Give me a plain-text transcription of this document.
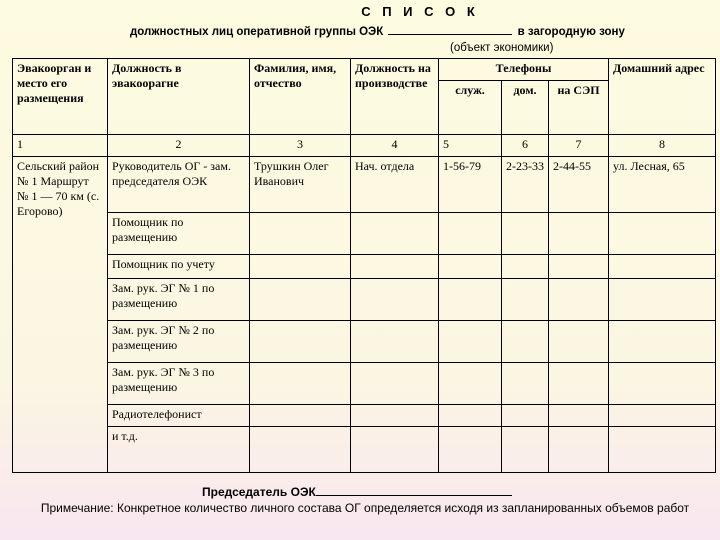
С П И С О К
должностных лиц оперативной группы ОЭК	в загородную зону
(объект экономики)
Эвакоорган и место его размещения	Должность в эвакоорагне	Фамилия, имя, отчество	Должность на производстве	Телефоны			Домашний адрес
				служ.	дом.	на СЭП	
1	2	3	4	5	6	7	8
Сельский район № 1 Маршрут № 1 — 70 км (с. Егорово)	Руководитель ОГ - зам. председателя ОЭК	Трушкин Олег Иванович	Нач. отдела	1-56-79	2-23-33	2-44-55	ул. Лесная, 65
	Помощник по размещению						
	Помощник по учету						
	Зам. рук. ЭГ № 1 по размещению						
	Зам. рук. ЭГ № 2 по размещению						
	Зам. рук. ЭГ № 3 по размещению						
	Радиотелефонист						
	и т.д.						
Председатель ОЭК
Примечание: Конкретное количество личного состава ОГ определяется исходя из запланированных объемов работ
